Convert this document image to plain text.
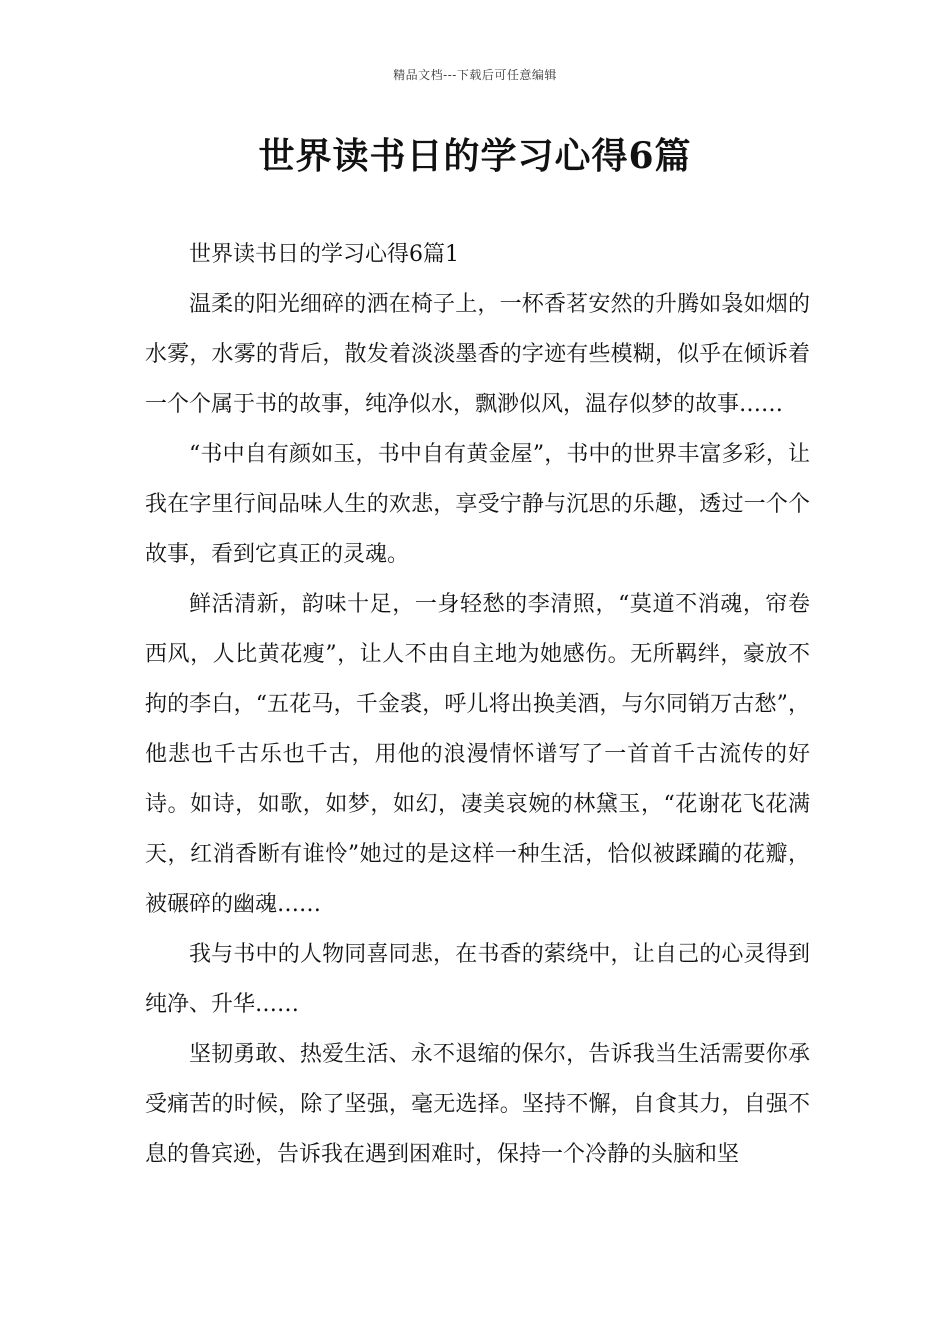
精品文档---下载后可任意编辑
世界读书日的学习心得6篇

世界读书日的学习心得6篇1

温柔的阳光细碎的洒在椅子上，一杯香茗安然的升腾如袅如烟的水雾，水雾的背后，散发着淡淡墨香的字迹有些模糊，似乎在倾诉着一个个属于书的故事，纯净似水，飘渺似风，温存似梦的故事……

“书中自有颜如玉，书中自有黄金屋”，书中的世界丰富多彩，让我在字里行间品味人生的欢悲，享受宁静与沉思的乐趣，透过一个个故事，看到它真正的灵魂。

鲜活清新，韵味十足，一身轻愁的李清照，“莫道不消魂，帘卷西风，人比黄花瘦”，让人不由自主地为她感伤。无所羁绊，豪放不拘的李白，“五花马，千金裘，呼儿将出换美酒，与尔同销万古愁”，他悲也千古乐也千古，用他的浪漫情怀谱写了一首首千古流传的好诗。如诗，如歌，如梦，如幻，凄美哀婉的林黛玉，“花谢花飞花满天，红消香断有谁怜”她过的是这样一种生活，恰似被蹂躏的花瓣，被碾碎的幽魂……

我与书中的人物同喜同悲，在书香的萦绕中，让自己的心灵得到纯净、升华……

坚韧勇敢、热爱生活、永不退缩的保尔，告诉我当生活需要你承受痛苦的时候，除了坚强，毫无选择。坚持不懈，自食其力，自强不息的鲁宾逊，告诉我在遇到困难时，保持一个冷静的头脑和坚
